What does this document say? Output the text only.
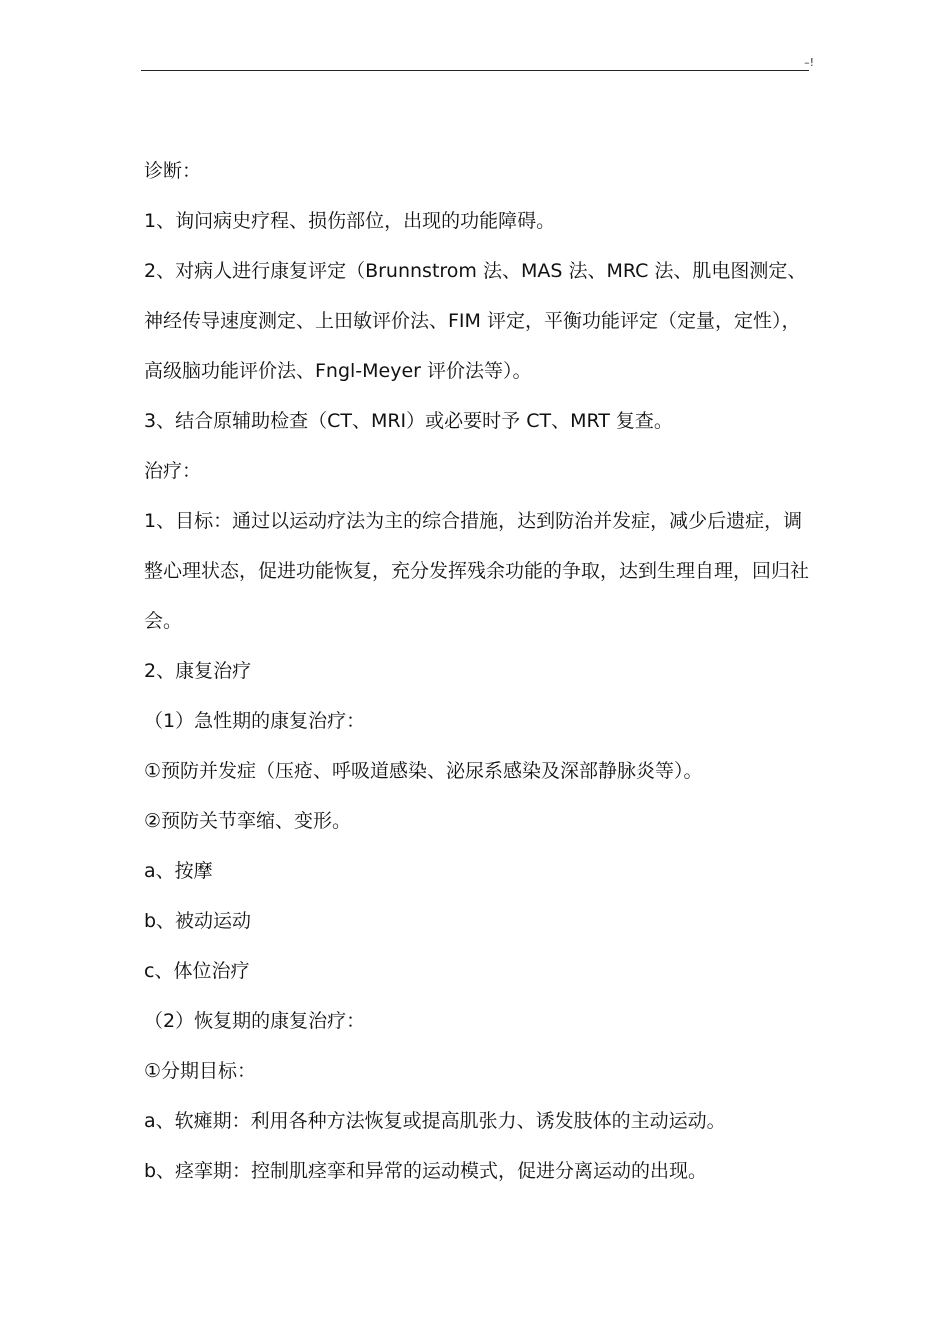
–!
诊断：
1、询问病史疗程、损伤部位，出现的功能障碍。
2、对病人进行康复评定（Brunnstrom 法、MAS 法、MRC 法、肌电图测定、
神经传导速度测定、上田敏评价法、FIM 评定，平衡功能评定（定量，定性），
高级脑功能评价法、Fngl-Meyer 评价法等）。
3、结合原辅助检查（CT、MRI）或必要时予 CT、MRT 复查。
治疗：
1、目标：通过以运动疗法为主的综合措施，达到防治并发症，减少后遗症，调
整心理状态，促进功能恢复，充分发挥残余功能的争取，达到生理自理，回归社
会。
2、康复治疗
（1）急性期的康复治疗：
①预防并发症（压疮、呼吸道感染、泌尿系感染及深部静脉炎等）。
②预防关节挛缩、变形。
a、按摩
b、被动运动
c、体位治疗
（2）恢复期的康复治疗：
①分期目标：
a、软瘫期：利用各种方法恢复或提高肌张力、诱发肢体的主动运动。
b、痉挛期：控制肌痉挛和异常的运动模式，促进分离运动的出现。
